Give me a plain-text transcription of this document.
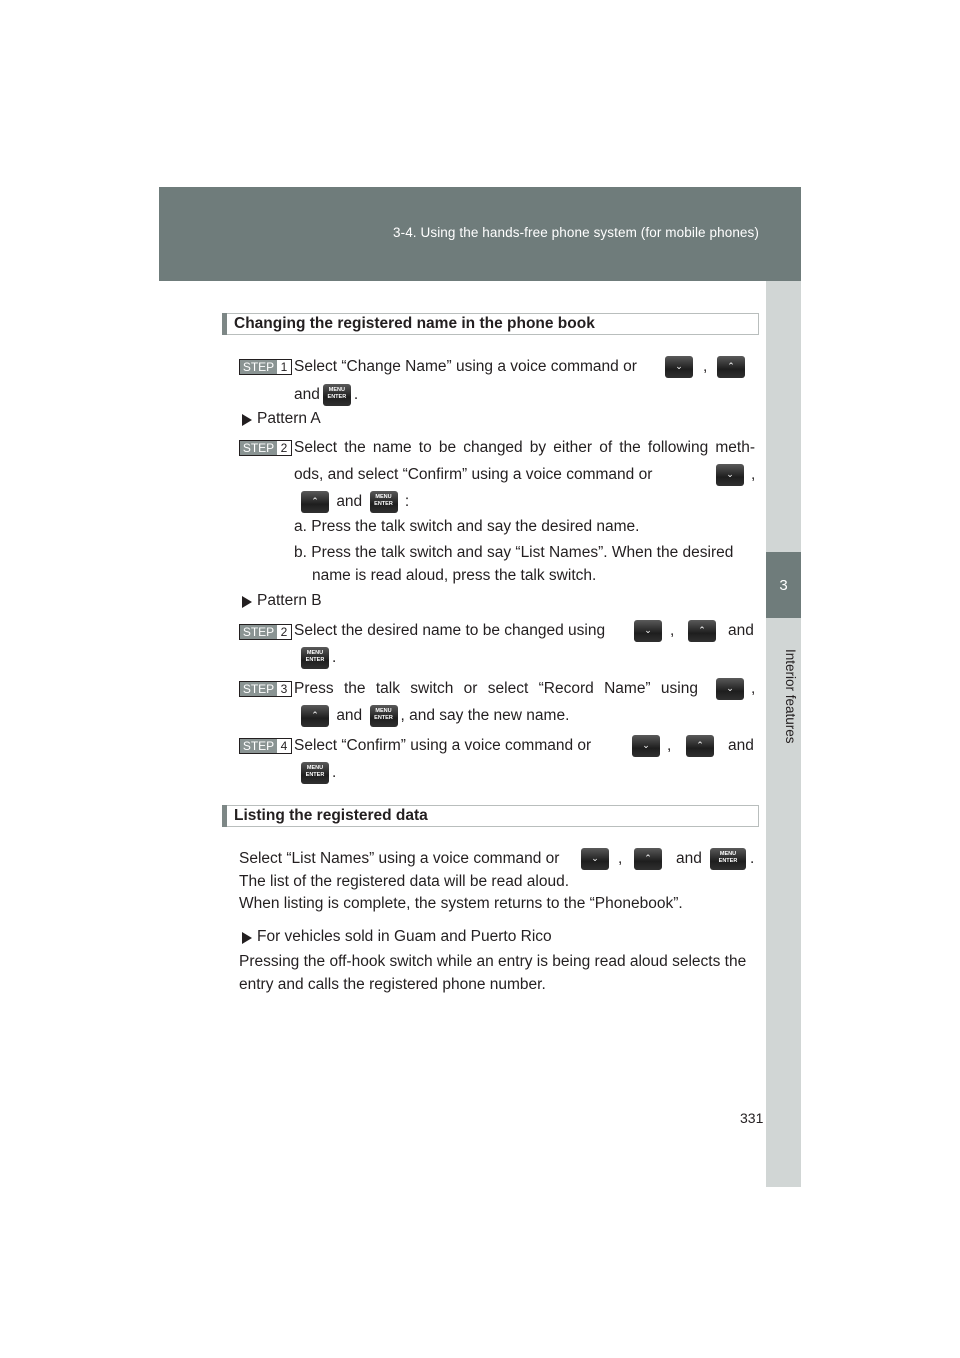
3-4. Using the hands-free phone system (for mobile phones)
3
Interior features
Changing the registered name in the phone book
STEP 1 Select “Change Name” using a voice command or	⌄	,	⌃
and	MENU
ENTER .
Pattern A
STEP 2 Select the name to be changed by either of the following meth-
ods, and select “Confirm” using a voice command or	⌄	,
⌃	and	MENU
ENTER :
a. Press the talk switch and say the desired name.
b. Press the talk switch and say “List Names”. When the desired
name is read aloud, press the talk switch.
Pattern B
STEP 2 Select the desired name to be changed using	⌄	,	⌃	and
MENU
ENTER .
STEP 3 Press the talk switch or select “Record Name” using	⌄	,
⌃	and	MENU
ENTER , and say the new name.
STEP 4 Select “Confirm” using a voice command or	⌄	,	⌃	and
MENU
ENTER .
Listing the registered data
Select “List Names” using a voice command or	⌄	,	⌃	and	MENU
ENTER .
The list of the registered data will be read aloud.
When listing is complete, the system returns to the “Phonebook”.
For vehicles sold in Guam and Puerto Rico
Pressing the off-hook switch while an entry is being read aloud selects the
entry and calls the registered phone number.
331
